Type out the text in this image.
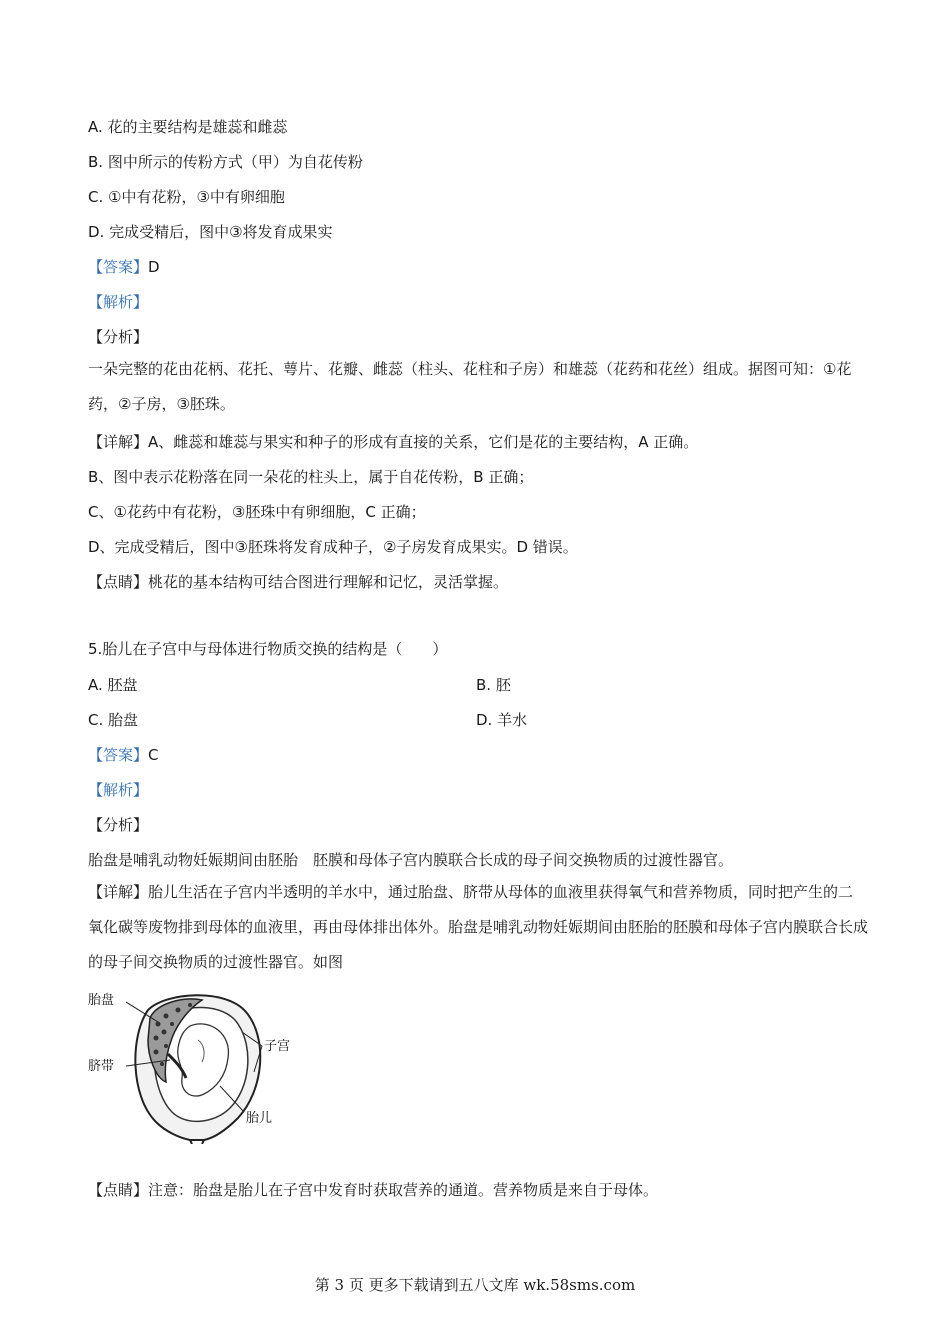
A. 花的主要结构是雄蕊和雌蕊
B. 图中所示的传粉方式（甲）为自花传粉
C. ①中有花粉，③中有卵细胞
D. 完成受精后，图中③将发育成果实
【答案】D
【解析】
【分析】
一朵完整的花由花柄、花托、萼片、花瓣、雌蕊（柱头、花柱和子房）和雄蕊（花药和花丝）组成。据图可知：①花药，②子房，③胚珠。
【详解】A、雌蕊和雄蕊与果实和种子的形成有直接的关系，它们是花的主要结构，A 正确。
B、图中表示花粉落在同一朵花的柱头上，属于自花传粉，B 正确；
C、①花药中有花粉，③胚珠中有卵细胞，C 正确；
D、完成受精后，图中③胚珠将发育成种子，②子房发育成果实。D 错误。
【点睛】桃花的基本结构可结合图进行理解和记忆，灵活掌握。
5.胎儿在子宫中与母体进行物质交换的结构是（　　）
A. 胚盘	B. 胚
C. 胎盘	D. 羊水
【答案】C
【解析】
【分析】
胎盘是哺乳动物妊娠期间由胚胎　胚膜和母体子宫内膜联合长成的母子间交换物质的过渡性器官。
【详解】胎儿生活在子宫内半透明的羊水中，通过胎盘、脐带从母体的血液里获得氧气和营养物质，同时把产生的二氧化碳等废物排到母体的血液里，再由母体排出体外。胎盘是哺乳动物妊娠期间由胚胎的胚膜和母体子宫内膜联合长成的母子间交换物质的过渡性器官。如图
胎盘
子宫
脐带
胎儿
【点睛】注意：胎盘是胎儿在子宫中发育时获取营养的通道。营养物质是来自于母体。
第 3 页 更多下载请到五八文库 wk.58sms.com
